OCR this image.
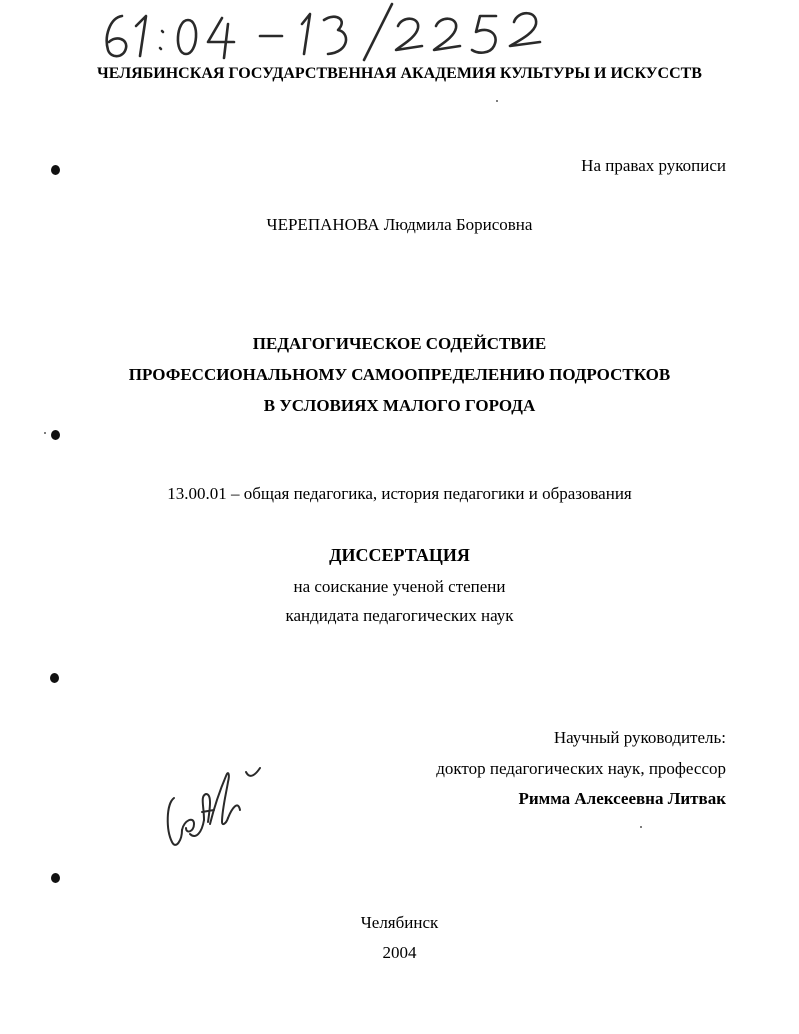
ЧЕЛЯБИНСКАЯ ГОСУДАРСТВЕННАЯ АКАДЕМИЯ КУЛЬТУРЫ И ИСКУССТВ

На правах рукописи

ЧЕРЕПАНОВА Людмила Борисовна

ПЕДАГОГИЧЕСКОЕ СОДЕЙСТВИЕ

ПРОФЕССИОНАЛЬНОМУ САМООПРЕДЕЛЕНИЮ ПОДРОСТКОВ

В УСЛОВИЯХ МАЛОГО ГОРОДА

13.00.01 – общая педагогика, история педагогики и образования

ДИССЕРТАЦИЯ

на соискание ученой степени

кандидата педагогических наук

Научный руководитель:

доктор педагогических наук, профессор

Римма Алексеевна Литвак

Челябинск

2004
